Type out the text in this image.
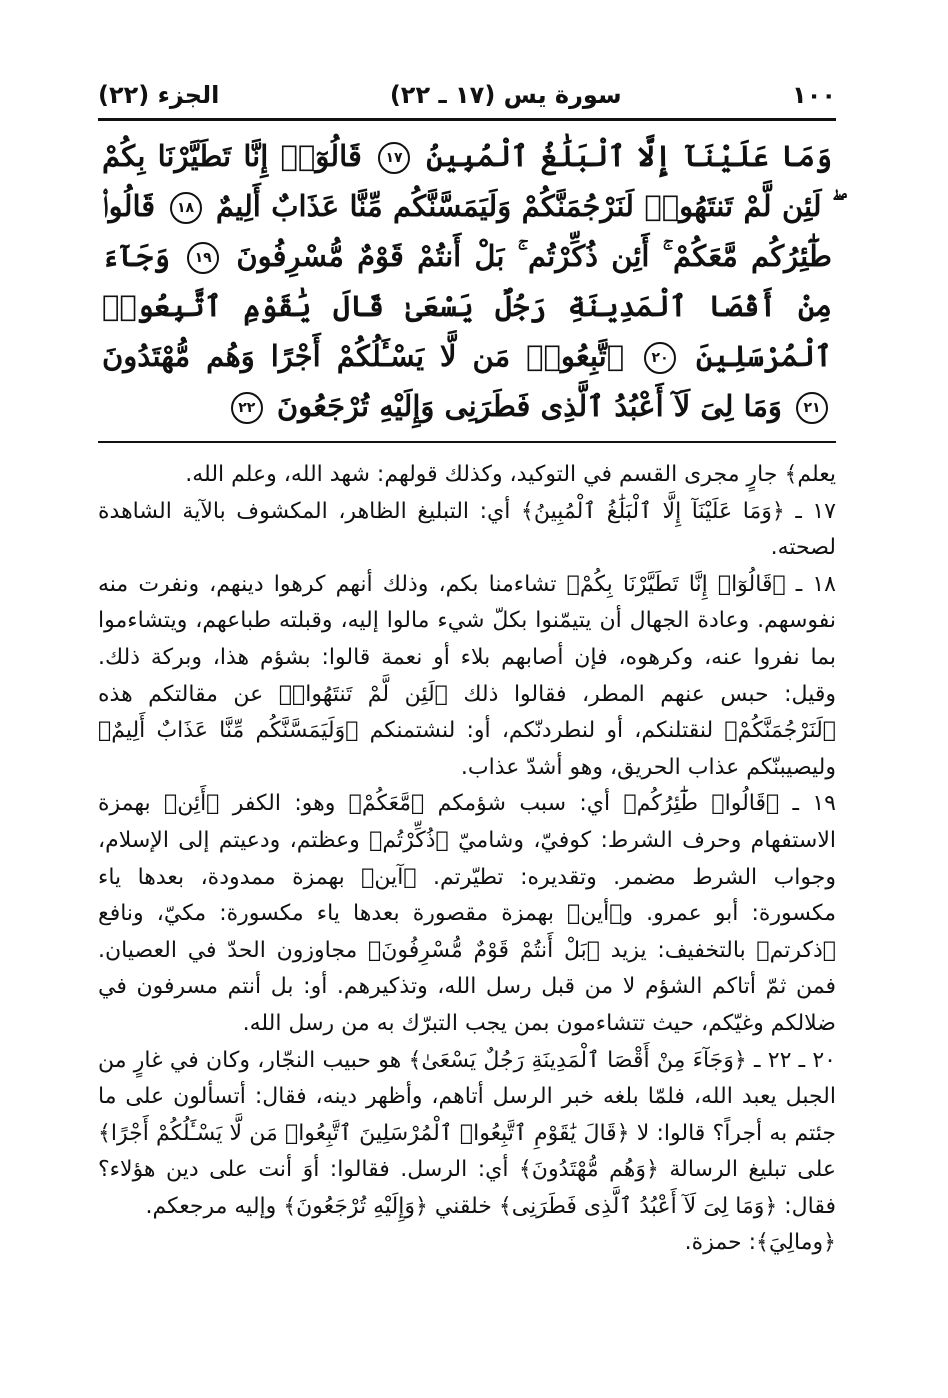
١٠٠
سورة يس (١٧ ـ ٢٢)
الجزء (٢٢)
وَمَا عَلَيْنَآ إِلَّا ٱلْبَلَٰغُ ٱلْمُبِينُ ١٧ قَالُوٓا۟ إِنَّا تَطَيَّرْنَا بِكُمْ ۖ لَئِن لَّمْ تَنتَهُوا۟ لَنَرْجُمَنَّكُمْ وَلَيَمَسَّنَّكُم مِّنَّا عَذَابٌ أَلِيمٌ ١٨ قَالُوا۟ طَٰٓئِرُكُم مَّعَكُمْ ۚ أَئِن ذُكِّرْتُم ۚ بَلْ أَنتُمْ قَوْمٌ مُّسْرِفُونَ ١٩ وَجَآءَ مِنْ أَقْصَا ٱلْمَدِينَةِ رَجُلٌ يَسْعَىٰ قَالَ يَٰقَوْمِ ٱتَّبِعُوا۟ ٱلْمُرْسَلِينَ ٢٠ ٱتَّبِعُوا۟ مَن لَّا يَسْـَٔلُكُمْ أَجْرًا وَهُم مُّهْتَدُونَ ٢١ وَمَا لِىَ لَآ أَعْبُدُ ٱلَّذِى فَطَرَنِى وَإِلَيْهِ تُرْجَعُونَ ٢٢

يعلم﴾ جارٍ مجرى القسم في التوكيد، وكذلك قولهم: شهد الله، وعلم الله.

١٧ ـ ﴿وَمَا عَلَيْنَآ إِلَّا ٱلْبَلَٰغُ ٱلْمُبِينُ﴾ أي: التبليغ الظاهر، المكشوف بالآية الشاهدة لصحته.

١٨ ـ ﴿قَالُوٓا۟ إِنَّا تَطَيَّرْنَا بِكُمْ﴾ تشاءمنا بكم، وذلك أنهم كرهوا دينهم، ونفرت منه نفوسهم. وعادة الجهال أن يتيمّنوا بكلّ شيء مالوا إليه، وقبلته طباعهم، ويتشاءموا بما نفروا عنه، وكرهوه، فإن أصابهم بلاء أو نعمة قالوا: بشؤم هذا، وبركة ذلك. وقيل: حبس عنهم المطر، فقالوا ذلك ﴿لَئِن لَّمْ تَنتَهُوا۟﴾ عن مقالتكم هذه ﴿لَنَرْجُمَنَّكُمْ﴾ لنقتلنكم، أو لنطردنّكم، أو: لنشتمنكم ﴿وَلَيَمَسَّنَّكُم مِّنَّا عَذَابٌ أَلِيمٌ﴾ وليصيبنّكم عذاب الحريق، وهو أشدّ عذاب.

١٩ ـ ﴿قَالُوا۟ طَٰٓئِرُكُم﴾ أي: سبب شؤمكم ﴿مَّعَكُمْ﴾ وهو: الكفر ﴿أَئِن﴾ بهمزة الاستفهام وحرف الشرط: كوفيّ، وشاميّ ﴿ذُكِّرْتُم﴾ وعظتم، ودعيتم إلى الإسلام، وجواب الشرط مضمر. وتقديره: تطيّرتم. ﴿آين﴾ بهمزة ممدودة، بعدها ياء مكسورة: أبو عمرو. و﴿أين﴾ بهمزة مقصورة بعدها ياء مكسورة: مكيّ، ونافع ﴿ذكرتم﴾ بالتخفيف: يزيد ﴿بَلْ أَنتُمْ قَوْمٌ مُّسْرِفُونَ﴾ مجاوزون الحدّ في العصيان. فمن ثمّ أتاكم الشؤم لا من قبل رسل الله، وتذكيرهم. أو: بل أنتم مسرفون في ضلالكم وغيّكم، حيث تتشاءمون بمن يجب التبرّك به من رسل الله.

٢٠ ـ ٢٢ ـ ﴿وَجَآءَ مِنْ أَقْصَا ٱلْمَدِينَةِ رَجُلٌ يَسْعَىٰ﴾ هو حبيب النجّار، وكان في غارٍ من الجبل يعبد الله، فلمّا بلغه خبر الرسل أتاهم، وأظهر دينه، فقال: أتسألون على ما جئتم به أجراً؟ قالوا: لا ﴿قَالَ يَٰقَوْمِ ٱتَّبِعُوا۟ ٱلْمُرْسَلِينَ ٱتَّبِعُوا۟ مَن لَّا يَسْـَٔلُكُمْ أَجْرًا﴾ على تبليغ الرسالة ﴿وَهُم مُّهْتَدُونَ﴾ أي: الرسل. فقالوا: أوَ أنت على دين هؤلاء؟ فقال: ﴿وَمَا لِىَ لَآ أَعْبُدُ ٱلَّذِى فَطَرَنِى﴾ خلقني ﴿وَإِلَيْهِ تُرْجَعُونَ﴾ وإليه مرجعكم.

﴿ومالِيَ﴾: حمزة.
